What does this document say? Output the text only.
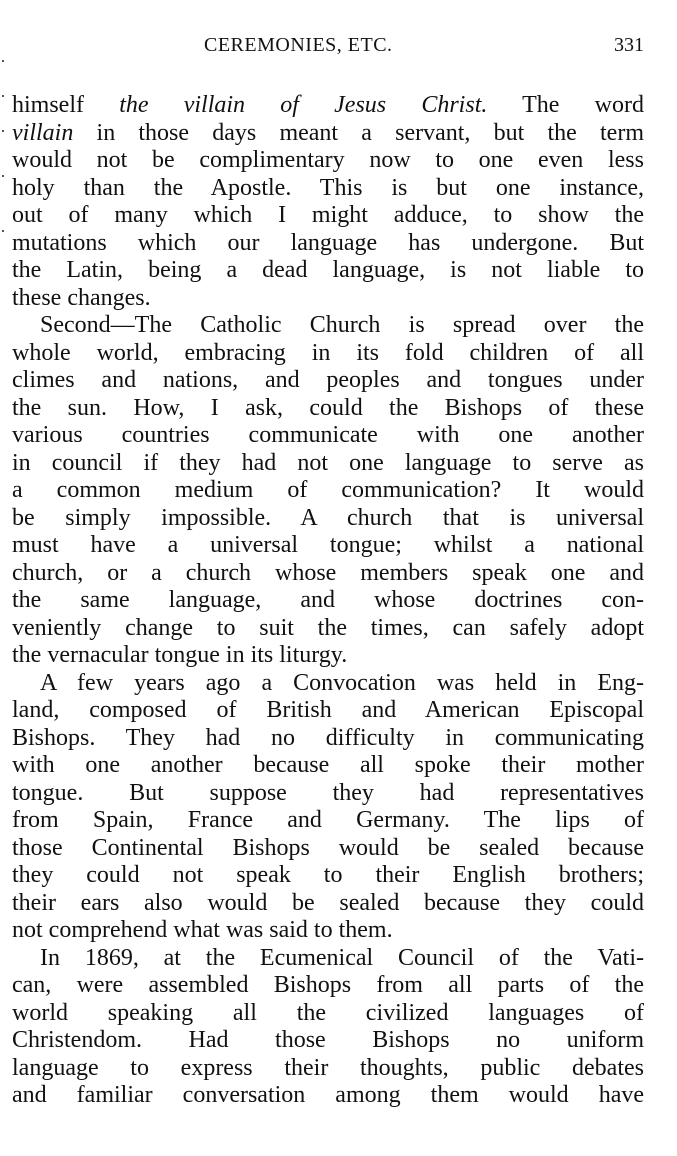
CEREMONIES, ETC.	331
himself the villain of Jesus Christ. The word
villain in those days meant a servant, but the term
would not be complimentary now to one even less
holy than the Apostle. This is but one instance,
out of many which I might adduce, to show the
mutations which our language has undergone. But
the Latin, being a dead language, is not liable to
these changes.
Second—The Catholic Church is spread over the
whole world, embracing in its fold children of all
climes and nations, and peoples and tongues under
the sun. How, I ask, could the Bishops of these
various countries communicate with one another
in council if they had not one language to serve as
a common medium of communication? It would
be simply impossible. A church that is universal
must have a universal tongue; whilst a national
church, or a church whose members speak one and
the same language, and whose doctrines con-
veniently change to suit the times, can safely adopt
the vernacular tongue in its liturgy.
A few years ago a Convocation was held in Eng-
land, composed of British and American Episcopal
Bishops. They had no difficulty in communicating
with one another because all spoke their mother
tongue. But suppose they had representatives
from Spain, France and Germany. The lips of
those Continental Bishops would be sealed because
they could not speak to their English brothers;
their ears also would be sealed because they could
not comprehend what was said to them.
In 1869, at the Ecumenical Council of the Vati-
can, were assembled Bishops from all parts of the
world speaking all the civilized languages of
Christendom. Had those Bishops no uniform
language to express their thoughts, public debates
and familiar conversation among them would have
